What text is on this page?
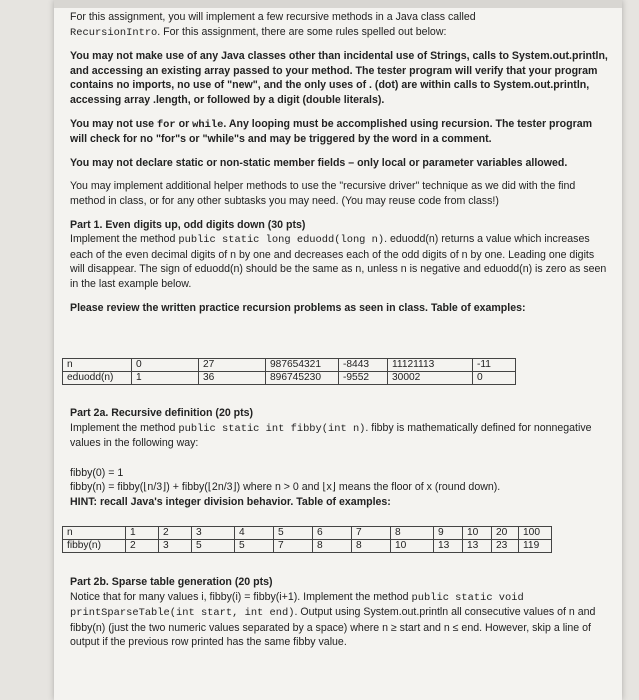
For this assignment, you will implement a few recursive methods in a Java class called
RecursionIntro. For this assignment, there are some rules spelled out below:

You may not make use of any Java classes other than incidental use of Strings, calls to System.out.println, and accessing an existing array passed to your method. The tester program will verify that your program contains no imports, no use of "new", and the only uses of . (dot) are within calls to System.out.println, accessing array .length, or followed by a digit (double literals).

You may not use for or while. Any looping must be accomplished using recursion. The tester program will check for no "for"s or "while"s and may be triggered by the word in a comment.

You may not declare static or non-static member fields – only local or parameter variables allowed.

You may implement additional helper methods to use the "recursive driver" technique as we did with the find method in class, or for any other subtasks you may need. (You may reuse code from class!)

Part 1. Even digits up, odd digits down (30 pts)

Implement the method public static long eduodd(long n). eduodd(n) returns a value which increases each of the even decimal digits of n by one and decreases each of the odd digits of n by one. Leading one digits will disappear. The sign of eduodd(n) should be the same as n, unless n is negative and eduodd(n) is zero as seen in the last example below.

Please review the written practice recursion problems as seen in class. Table of examples:

n	0	27	987654321	-8443	11121113	-11
eduodd(n)	1	36	896745230	-9552	30002	0

Part 2a. Recursive definition (20 pts)

Implement the method public static int fibby(int n). fibby is mathematically defined for nonnegative values in the following way:

fibby(0) = 1
fibby(n) = fibby(⌊n/3⌋) + fibby(⌊2n/3⌋) where n > 0 and ⌊x⌋ means the floor of x (round down).
HINT: recall Java's integer division behavior. Table of examples:
n	1	2	3	4	5	6	7	8	9	10	20	100
fibby(n)	2	3	5	5	7	8	8	10	13	13	23	119

Part 2b. Sparse table generation (20 pts)

Notice that for many values i, fibby(i) = fibby(i+1). Implement the method public static void printSparseTable(int start, int end). Output using System.out.println all consecutive values of n and fibby(n) (just the two numeric values separated by a space) where n ≥ start and n ≤ end. However, skip a line of output if the previous row printed has the same fibby value.
